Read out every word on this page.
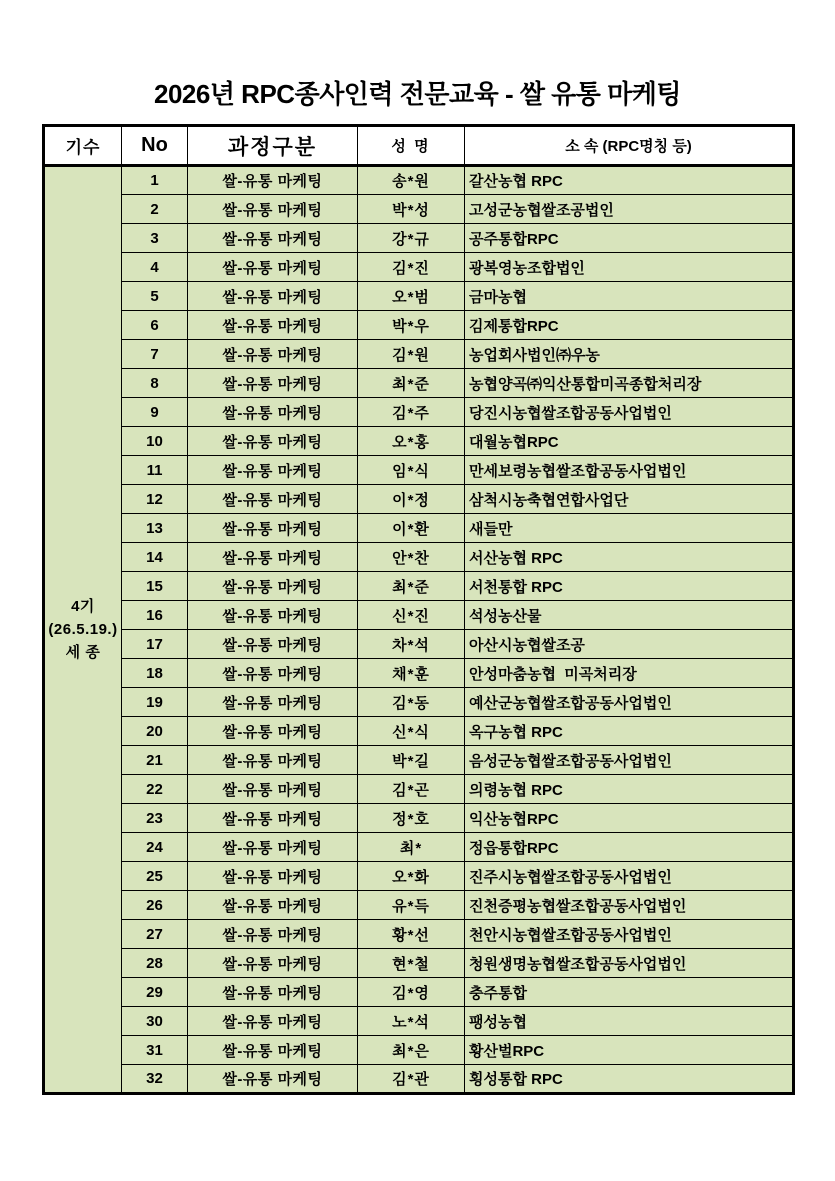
2026년 RPC종사인력 전문교육 - 쌀 유통 마케팅
기수	No	과정구분	성 명	소 속 (RPC명칭 등)

4기
(26.5.19.)
세 종	1	쌀-유통 마케팅	송*원	갈산농협 RPC
	2	쌀-유통 마케팅	박*성	고성군농협쌀조공법인
	3	쌀-유통 마케팅	강*규	공주통합RPC
	4	쌀-유통 마케팅	김*진	광복영농조합법인
	5	쌀-유통 마케팅	오*범	금마농협
	6	쌀-유통 마케팅	박*우	김제통합RPC
	7	쌀-유통 마케팅	김*원	농업회사법인㈜우농
	8	쌀-유통 마케팅	최*준	농협양곡㈜익산통합미곡종합처리장
	9	쌀-유통 마케팅	김*주	당진시농협쌀조합공동사업법인
	10	쌀-유통 마케팅	오*홍	대월농협RPC
	11	쌀-유통 마케팅	임*식	만세보령농협쌀조합공동사업법인
	12	쌀-유통 마케팅	이*정	삼척시농축협연합사업단
	13	쌀-유통 마케팅	이*환	새들만
	14	쌀-유통 마케팅	안*찬	서산농협 RPC
	15	쌀-유통 마케팅	최*준	서천통합 RPC
	16	쌀-유통 마케팅	신*진	석성농산물
	17	쌀-유통 마케팅	차*석	아산시농협쌀조공
	18	쌀-유통 마케팅	채*훈	안성마춤농협  미곡처리장
	19	쌀-유통 마케팅	김*동	예산군농협쌀조합공동사업법인
	20	쌀-유통 마케팅	신*식	옥구농협 RPC
	21	쌀-유통 마케팅	박*길	음성군농협쌀조합공동사업법인
	22	쌀-유통 마케팅	김*곤	의령농협 RPC
	23	쌀-유통 마케팅	정*호	익산농협RPC
	24	쌀-유통 마케팅	최*	정읍통합RPC
	25	쌀-유통 마케팅	오*화	진주시농협쌀조합공동사업법인
	26	쌀-유통 마케팅	유*득	진천증평농협쌀조합공동사업법인
	27	쌀-유통 마케팅	황*선	천안시농협쌀조합공동사업법인
	28	쌀-유통 마케팅	현*철	청원생명농협쌀조합공동사업법인
	29	쌀-유통 마케팅	김*영	충주통합
	30	쌀-유통 마케팅	노*석	팽성농협
	31	쌀-유통 마케팅	최*은	황산벌RPC
	32	쌀-유통 마케팅	김*관	횡성통합 RPC
